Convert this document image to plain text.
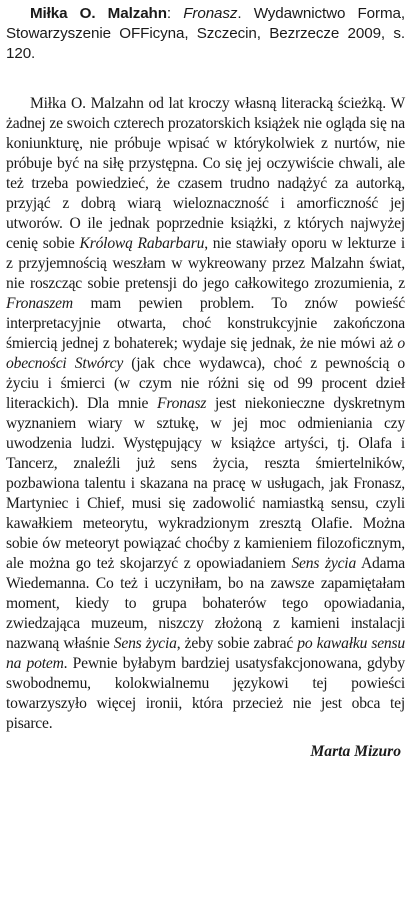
Miłka O. Malzahn: Fronasz. Wydawnictwo Forma, Stowarzyszenie OFFicyna, Szczecin, Bezrzecze 2009, s. 120.

Miłka O. Malzahn od lat kroczy własną literacką ścieżką. W żadnej ze swoich czterech prozatorskich książek nie ogląda się na koniunkturę, nie próbuje wpisać w którykolwiek z nurtów, nie próbuje być na siłę przystępna. Co się jej oczywiście chwali, ale też trzeba powiedzieć, że czasem trudno nadążyć za autorką, przyjąć z dobrą wiarą wieloznaczność i amorficzność jej utworów. O ile jednak poprzednie książki, z których najwyżej cenię sobie Królową Rabarbaru, nie stawiały oporu w lekturze i z przyjemnością weszłam w wykreowany przez Malzahn świat, nie roszcząc sobie pretensji do jego całkowitego zrozumienia, z Fronaszem mam pewien problem. To znów powieść interpretacyjnie otwarta, choć konstrukcyjnie zakończona śmiercią jednej z bohaterek; wydaje się jednak, że nie mówi aż o obecności Stwórcy (jak chce wydawca), choć z pewnością o życiu i śmierci (w czym nie różni się od 99 procent dzieł literackich). Dla mnie Fronasz jest niekonieczne dyskretnym wyznaniem wiary w sztukę, w jej moc odmieniania czy uwodzenia ludzi. Występujący w książce artyści, tj. Olafa i Tancerz, znaleźli już sens życia, reszta śmiertelników, pozbawiona talentu i skazana na pracę w usługach, jak Fronasz, Martyniec i Chief, musi się zadowolić namiastką sensu, czyli kawałkiem meteorytu, wykradzionym zresztą Olafie. Można sobie ów meteoryt powiązać choćby z kamieniem filozoficznym, ale można go też skojarzyć z opowiadaniem Sens życia Adama Wiedemanna. Co też i uczyniłam, bo na zawsze zapamiętałam moment, kiedy to grupa bohaterów tego opowiadania, zwiedzająca muzeum, niszczy złożoną z kamieni instalacji nazwaną właśnie Sens życia, żeby sobie zabrać po kawałku sensu na potem. Pewnie byłabym bardziej usatysfakcjonowana, gdyby swobodnemu, kolokwialnemu językowi tej powieści towarzyszyło więcej ironii, która przecież nie jest obca tej pisarce.

Marta Mizuro
